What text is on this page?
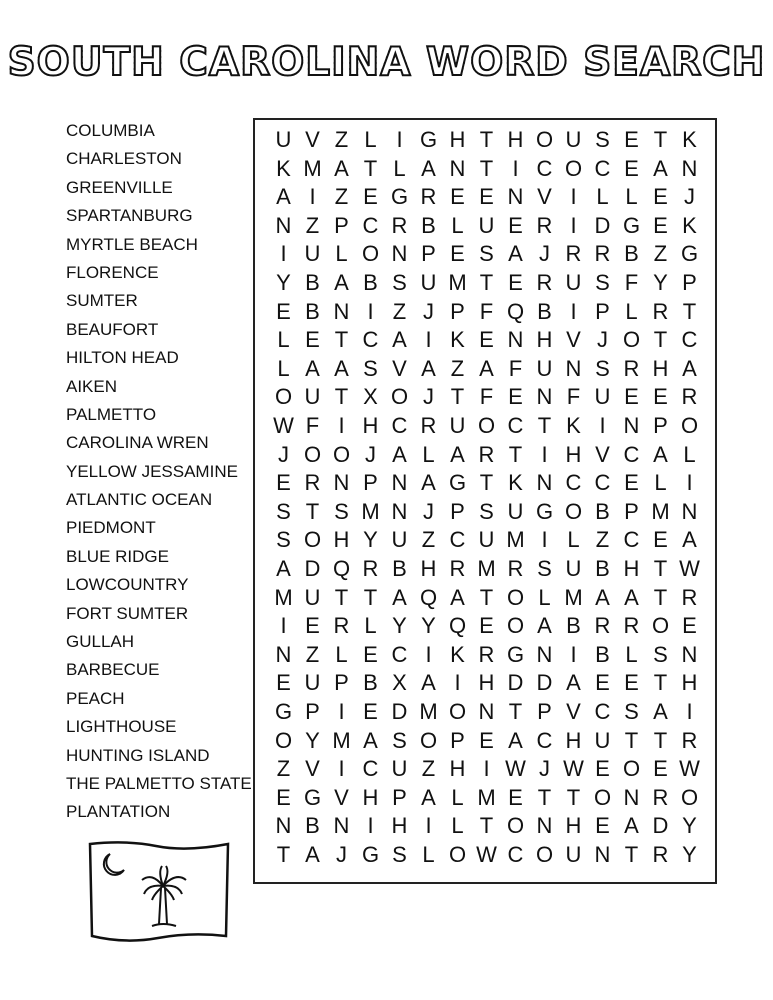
SOUTH CAROLINA WORD SEARCH
COLUMBIA
CHARLESTON
GREENVILLE
SPARTANBURG
MYRTLE BEACH
FLORENCE
SUMTER
BEAUFORT
HILTON HEAD
AIKEN
PALMETTO
CAROLINA WREN
YELLOW JESSAMINE
ATLANTIC OCEAN
PIEDMONT
BLUE RIDGE
LOWCOUNTRY
FORT SUMTER
GULLAH
BARBECUE
PEACH
LIGHTHOUSE
HUNTING ISLAND
THE PALMETTO STATE
PLANTATION
U V Z L I G H T H O U S E T K
K M A T L A N T I C O C E A N
A I Z E G R E E N V I L L E J
N Z P C R B L U E R I D G E K
I U L O N P E S A J R R B Z G
Y B A B S U M T E R U S F Y P
E B N I Z J P F Q B I P L R T
L E T C A I K E N H V J O T C
L A A S V A Z A F U N S R H A
O U T X O J T F E N F U E E R
W F I H C R U O C T K I N P O
J O O J A L A R T I H V C A L
E R N P N A G T K N C C E L I
S T S M N J P S U G O B P M N
S O H Y U Z C U M I L Z C E A
A D Q R B H R M R S U B H T W
M U T T A Q A T O L M A A T R
I E R L Y Y Q E O A B R R O E
N Z L E C I K R G N I B L S N
E U P B X A I H D D A E E T H
G P I E D M O N T P V C S A I
O Y M A S O P E A C H U T T R
Z V I C U Z H I W J W E O E W
E G V H P A L M E T T O N R O
N B N I H I L T O N H E A D Y
T A J G S L O W C O U N T R Y
